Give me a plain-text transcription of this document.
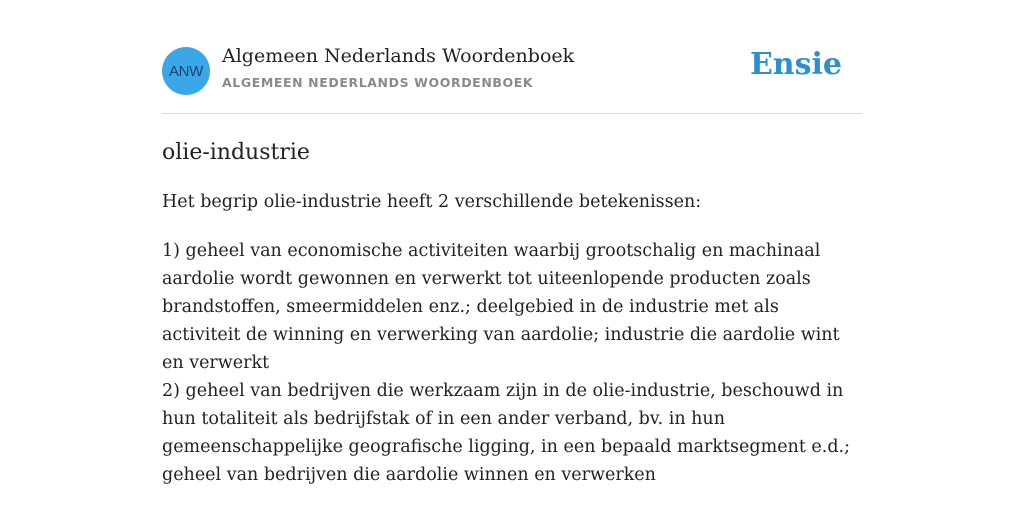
ANW
Algemeen Nederlands Woordenboek
ALGEMEEN NEDERLANDS WOORDENBOEK
Ensie
olie-industrie
Het begrip olie-industrie heeft 2 verschillende betekenissen:

1) geheel van economische activiteiten waarbij grootschalig en machinaal aardolie wordt gewonnen en verwerkt tot uiteenlopende producten zoals brandstoffen, smeermiddelen enz.; deelgebied in de industrie met als activiteit de winning en verwerking van aardolie; industrie die aardolie wint en verwerkt

2) geheel van bedrijven die werkzaam zijn in de olie-industrie, beschouwd in hun totaliteit als bedrijfstak of in een ander verband, bv. in hun gemeenschappelijke geografische ligging, in een bepaald marktsegment e.d.; geheel van bedrijven die aardolie winnen en verwerken
